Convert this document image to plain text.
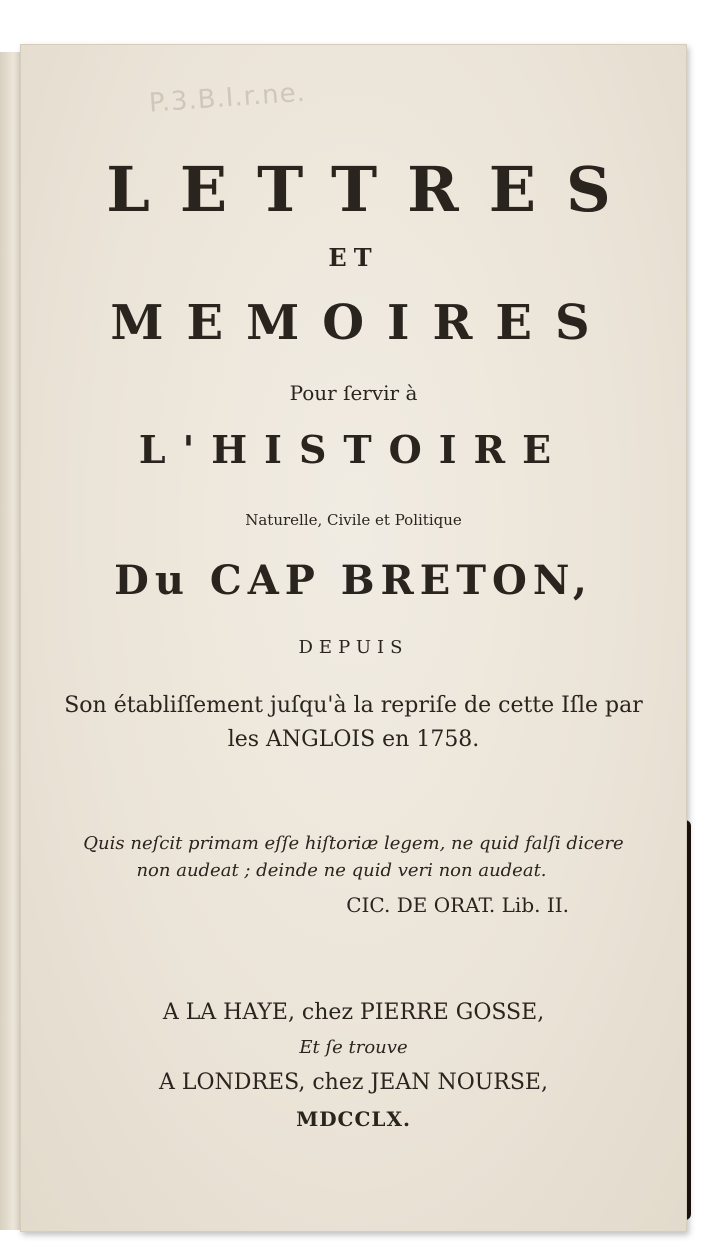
P.3.B.I.r.ne.
LETTRES
ET
MEMOIRES
Pour ſervir à
L'HISTOIRE
Naturelle, Civile et Politique
Du CAP BRETON,
DEPUIS
Son établiſſement juſqu'à la repriſe de cette Iſle par
les ANGLOIS en 1758.
Quis neſcit primam eſſe hiſtoriæ legem, ne quid falſi dicere
non audeat ; deinde ne quid veri non audeat.
CIC. DE ORAT. Lib. II.
A LA HAYE, chez PIERRE GOSSE,
Et ſe trouve
A LONDRES, chez JEAN NOURSE,
MDCCLX.
